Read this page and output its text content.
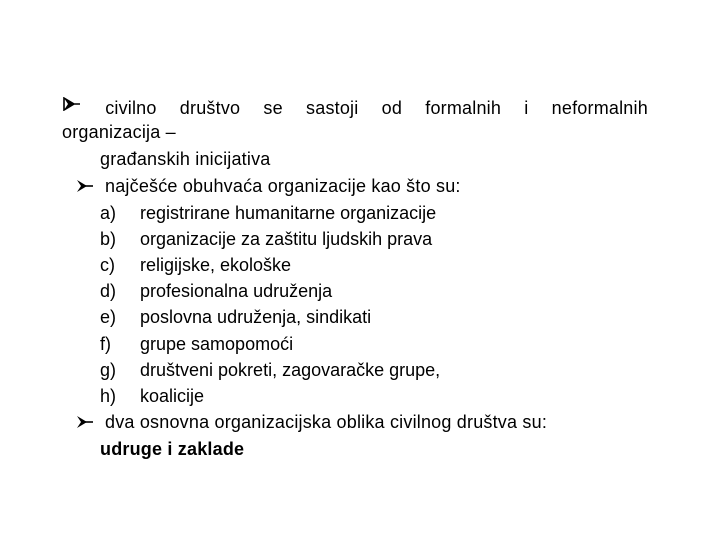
civilno društvo se sastoji od formalnih i neformalnih
organizacija –
građanskih inicijativa
najčešće obuhvaća organizacije kao što su:
a) registrirane humanitarne organizacije
b) organizacije za zaštitu ljudskih prava
c) religijske, ekološke
d) profesionalna udruženja
e) poslovna udruženja, sindikati
f) grupe samopomoći
g) društveni pokreti, zagovaračke grupe,
h) koalicije
dva osnovna organizacijska oblika civilnog društva su:
udruge i zaklade
